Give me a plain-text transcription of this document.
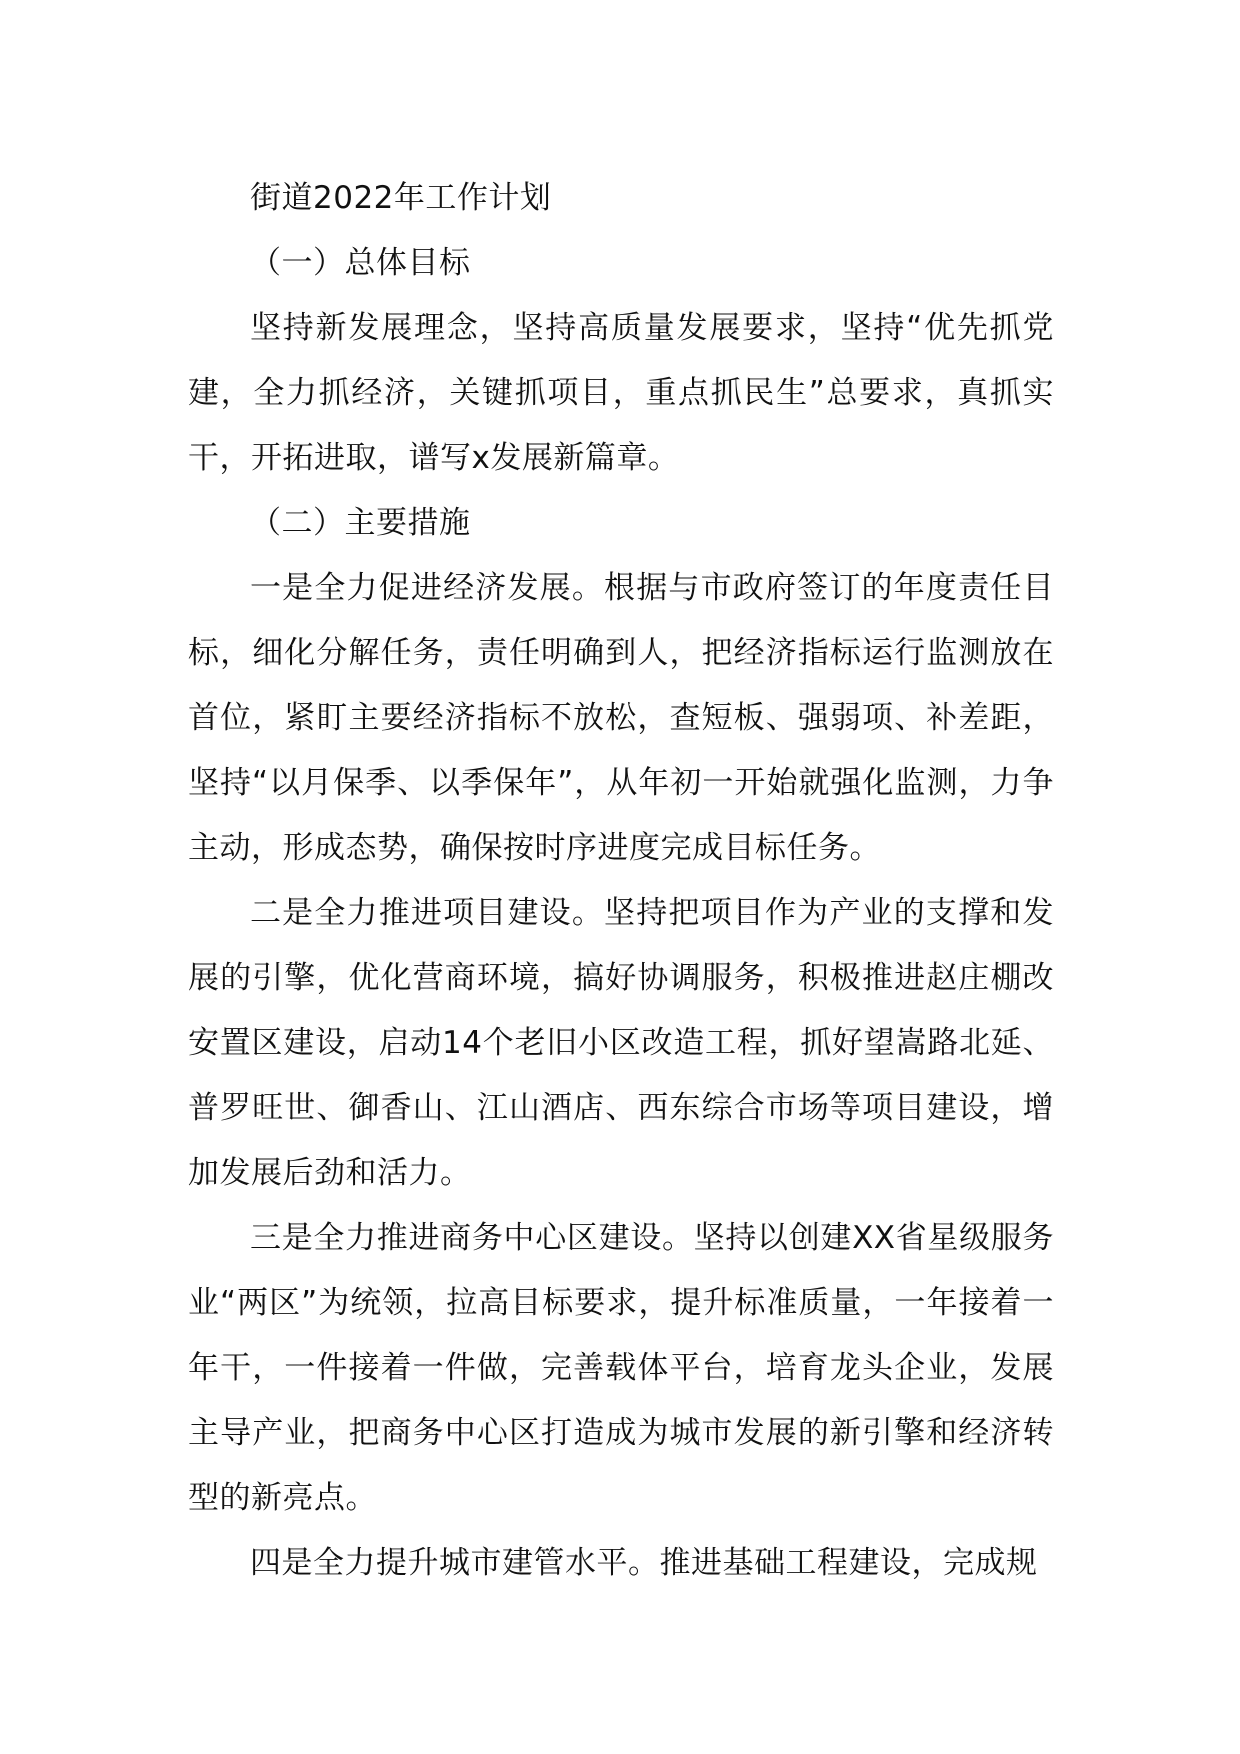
街道2022年工作计划

（一）总体目标

坚持新发展理念，坚持高质量发展要求，坚持“优先抓党建，全力抓经济，关键抓项目，重点抓民生”总要求，真抓实干，开拓进取，谱写x发展新篇章。

（二）主要措施

一是全力促进经济发展。根据与市政府签订的年度责任目标，细化分解任务，责任明确到人，把经济指标运行监测放在首位，紧盯主要经济指标不放松，查短板、强弱项、补差距，坚持“以月保季、以季保年”，从年初一开始就强化监测，力争主动，形成态势，确保按时序进度完成目标任务。

二是全力推进项目建设。坚持把项目作为产业的支撑和发展的引擎，优化营商环境，搞好协调服务，积极推进赵庄棚改安置区建设，启动14个老旧小区改造工程，抓好望嵩路北延、普罗旺世、御香山、江山酒店、西东综合市场等项目建设，增加发展后劲和活力。

三是全力推进商务中心区建设。坚持以创建XX省星级服务业“两区”为统领，拉高目标要求，提升标准质量，一年接着一年干，一件接着一件做，完善载体平台，培育龙头企业，发展主导产业，把商务中心区打造成为城市发展的新引擎和经济转型的新亮点。

四是全力提升城市建管水平。推进基础工程建设，完成规
